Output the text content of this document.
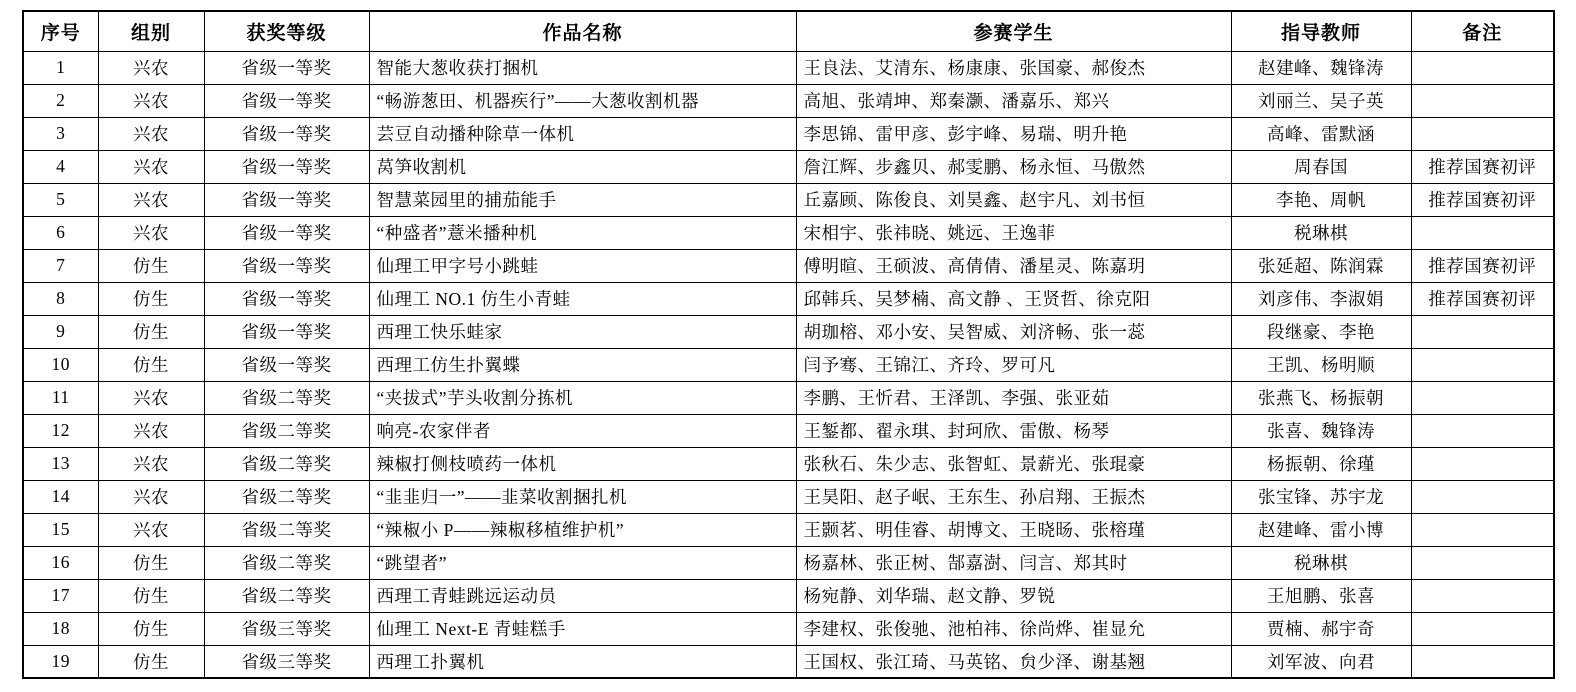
序号	组别	获奖等级	作品名称	参赛学生	指导教师	备注
1	兴农	省级一等奖	智能大葱收获打捆机	王良法、艾清东、杨康康、张国豪、郝俊杰	赵建峰、魏锋涛	
2	兴农	省级一等奖	“畅游葱田、机器疾行”——大葱收割机器	高旭、张靖坤、郑秦灏、潘嘉乐、郑兴	刘丽兰、吴子英	
3	兴农	省级一等奖	芸豆自动播种除草一体机	李思锦、雷甲彦、彭宇峰、易瑞、明升艳	高峰、雷默涵	
4	兴农	省级一等奖	莴笋收割机	詹江辉、步鑫贝、郝雯鹏、杨永恒、马傲然	周春国	推荐国赛初评
5	兴农	省级一等奖	智慧菜园里的捕茄能手	丘嘉顾、陈俊良、刘昊鑫、赵宇凡、刘书恒	李艳、周帆	推荐国赛初评
6	兴农	省级一等奖	“种盛者”薏米播种机	宋相宇、张祎晓、姚远、王逸菲	税琳棋	
7	仿生	省级一等奖	仙理工甲字号小跳蛙	傅明暄、王硕波、高倩倩、潘星灵、陈嘉玥	张延超、陈润霖	推荐国赛初评
8	仿生	省级一等奖	仙理工 NO.1 仿生小青蛙	邱韩兵、吴梦楠、高文静 、王贤哲、徐克阳	刘彦伟、李淑娟	推荐国赛初评
9	仿生	省级一等奖	西理工快乐蛙家	胡珈榕、邓小安、吴智威、刘济畅、张一蕊	段继豪、李艳	
10	仿生	省级一等奖	西理工仿生扑翼蝶	闫予骞、王锦江、齐玲、罗可凡	王凯、杨明顺	
11	兴农	省级二等奖	“夹拔式”芋头收割分拣机	李鹏、王忻君、王泽凯、李强、张亚茹	张燕飞、杨振朝	
12	兴农	省级二等奖	响亮-农家伴者	王錾都、翟永琪、封珂欣、雷傲、杨琴	张喜、魏锋涛	
13	兴农	省级二等奖	辣椒打侧枝喷药一体机	张秋石、朱少志、张智虹、景薪光、张琨豪	杨振朝、徐瑾	
14	兴农	省级二等奖	“韭韭归一”——韭菜收割捆扎机	王昊阳、赵子岷、王东生、孙启翔、王振杰	张宝锋、苏宇龙	
15	兴农	省级二等奖	“辣椒小 P——辣椒移植维护机”	王颢茗、明佳睿、胡博文、王晓旸、张榕瑾	赵建峰、雷小博	
16	仿生	省级二等奖	“跳望者”	杨嘉林、张正树、郜嘉澍、闫言、郑其时	税琳棋	
17	仿生	省级二等奖	西理工青蛙跳远运动员	杨宛静、刘华瑞、赵文静、罗锐	王旭鹏、张喜	
18	仿生	省级三等奖	仙理工 Next-E 青蛙糕手	李建权、张俊驰、池柏祎、徐尚烨、崔显允	贾楠、郝宇奇	
19	仿生	省级三等奖	西理工扑翼机	王国权、张江琦、马英铭、贠少泽、谢基翘	刘军波、向君	
